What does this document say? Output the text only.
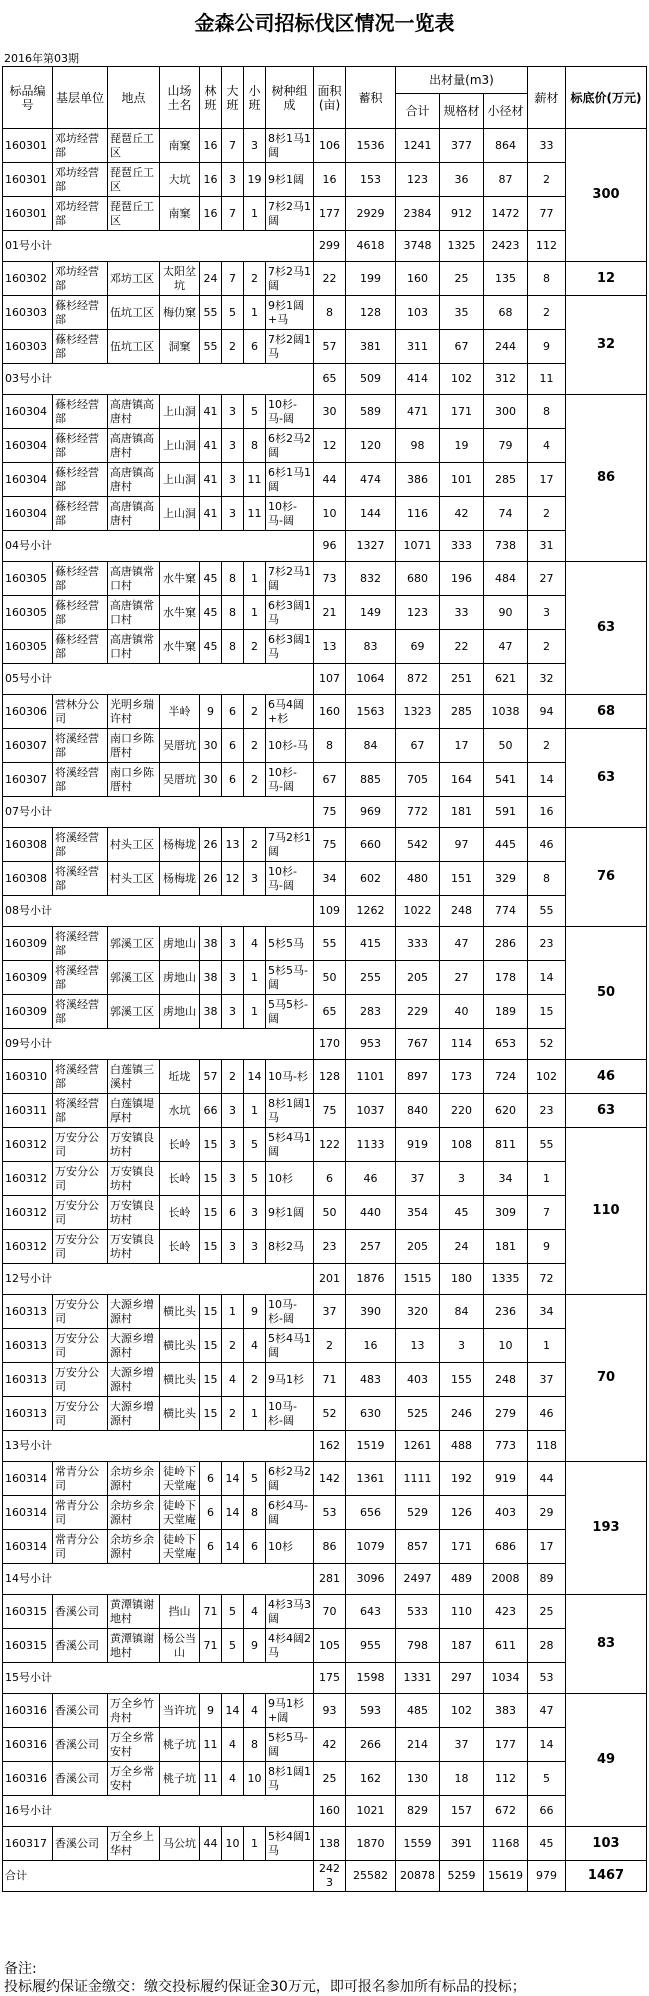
金森公司招标伐区情况一览表
2016年第03期
标品编号	基层单位	地点	山场土名	林班	大班	小班	树种组成	面积(亩)	蓄积	出材量(m3)			薪材	标底价(万元)
										合计	规格材	小径材		
160301	邓坊经营部	琵琶丘工区	南窠	16	7	3	8杉1马1阔	106	1536	1241	377	864	33	300
160301	邓坊经营部	琵琶丘工区	大坑	16	3	19	9杉1阔	16	153	123	36	87	2	
160301	邓坊经营部	琵琶丘工区	南窠	16	7	1	7杉2马1阔	177	2929	2384	912	1472	77	
01号小计								299	4618	3748	1325	2423	112	
160302	邓坊经营部	邓坊工区	太阳坌坑	24	7	2	7杉2马1阔	22	199	160	25	135	8	12
160303	蓧杉经营部	伍坑工区	梅仂窠	55	5	1	9杉1阔+马	8	128	103	35	68	2	32
160303	蓧杉经营部	伍坑工区	洞窠	55	2	6	7杉2阔1马	57	381	311	67	244	9	
03号小计								65	509	414	102	312	11	
160304	蓧杉经营部	高唐镇高唐村	上山洞	41	3	5	10杉-马-阔	30	589	471	171	300	8	86
160304	蓧杉经营部	高唐镇高唐村	上山洞	41	3	8	6杉2马2阔	12	120	98	19	79	4	
160304	蓧杉经营部	高唐镇高唐村	上山洞	41	3	11	6杉1马1阔	44	474	386	101	285	17	
160304	蓧杉经营部	高唐镇高唐村	上山洞	41	3	11	10杉-马-阔	10	144	116	42	74	2	
04号小计								96	1327	1071	333	738	31	
160305	蓧杉经营部	高唐镇常口村	水牛窠	45	8	1	7杉2马1阔	73	832	680	196	484	27	63
160305	蓧杉经营部	高唐镇常口村	水牛窠	45	8	1	6杉3阔1马	21	149	123	33	90	3	
160305	蓧杉经营部	高唐镇常口村	水牛窠	45	8	2	6杉3阔1马	13	83	69	22	47	2	
05号小计								107	1064	872	251	621	32	
160306	营林分公司	光明乡瑞许村	半岭	9	6	2	6马4阔+杉	160	1563	1323	285	1038	94	68
160307	将溪经营部	南口乡陈厝村	吴厝坑	30	6	2	10杉-马	8	84	67	17	50	2	63
160307	将溪经营部	南口乡陈厝村	吴厝坑	30	6	2	10杉-马-阔	67	885	705	164	541	14	
07号小计								75	969	772	181	591	16	
160308	将溪经营部	村头工区	杨梅垅	26	13	2	7马2杉1阔	75	660	542	97	445	46	76
160308	将溪经营部	村头工区	杨梅垅	26	12	3	10杉-马-阔	34	602	480	151	329	8	
08号小计								109	1262	1022	248	774	55	
160309	将溪经营部	郭溪工区	虏地山	38	3	4	5杉5马	55	415	333	47	286	23	50
160309	将溪经营部	郭溪工区	虏地山	38	3	1	5杉5马-阔	50	255	205	27	178	14	
160309	将溪经营部	郭溪工区	虏地山	38	3	1	5马5杉-阔	65	283	229	40	189	15	
09号小计								170	953	767	114	653	52	
160310	将溪经营部	白莲镇三溪村	坵垅	57	2	14	10马-杉	128	1101	897	173	724	102	46
160311	将溪经营部	白莲镇堤厚村	水坑	66	3	1	8杉1阔1马	75	1037	840	220	620	23	63
160312	万安分公司	万安镇良坊村	长岭	15	3	5	5杉4马1阔	122	1133	919	108	811	55	110
160312	万安分公司	万安镇良坊村	长岭	15	3	5	10杉	6	46	37	3	34	1	
160312	万安分公司	万安镇良坊村	长岭	15	6	3	9杉1阔	50	440	354	45	309	7	
160312	万安分公司	万安镇良坊村	长岭	15	3	3	8杉2马	23	257	205	24	181	9	
12号小计								201	1876	1515	180	1335	72	
160313	万安分公司	大源乡增源村	横比头	15	1	9	10马-杉-阔	37	390	320	84	236	34	70
160313	万安分公司	大源乡增源村	横比头	15	2	4	5杉4马1阔	2	16	13	3	10	1	
160313	万安分公司	大源乡增源村	横比头	15	4	2	9马1杉	71	483	403	155	248	37	
160313	万安分公司	大源乡增源村	横比头	15	2	1	10马-杉-阔	52	630	525	246	279	46	
13号小计								162	1519	1261	488	773	118	
160314	常青分公司	余坊乡余源村	徒岭下天堂庵	6	14	5	6杉2马2阔	142	1361	1111	192	919	44	193
160314	常青分公司	余坊乡余源村	徒岭下天堂庵	6	14	8	6杉4马-阔	53	656	529	126	403	29	
160314	常青分公司	余坊乡余源村	徒岭下天堂庵	6	14	6	10杉	86	1079	857	171	686	17	
14号小计								281	3096	2497	489	2008	89	
160315	香溪公司	黄潭镇谢地村	挡山	71	5	4	4杉3马3阔	70	643	533	110	423	25	83
160315	香溪公司	黄潭镇谢地村	杨公当山	71	5	9	4杉4阔2马	105	955	798	187	611	28	
15号小计								175	1598	1331	297	1034	53	
160316	香溪公司	万全乡竹舟村	当许坑	9	14	4	9马1杉+阔	93	593	485	102	383	47	49
160316	香溪公司	万全乡常安村	桃子坑	11	4	8	5杉5马-阔	42	266	214	37	177	14	
160316	香溪公司	万全乡常安村	桃子坑	11	4	10	8杉1阔1马	25	162	130	18	112	5	
16号小计								160	1021	829	157	672	66	
160317	香溪公司	万全乡上华村	马公坑	44	10	1	5杉4阔1马	138	1870	1559	391	1168	45	103
合计								2423	25582	20878	5259	15619	979	1467
备注:
投标履约保证金缴交：缴交投标履约保证金30万元，即可报名参加所有标品的投标；
